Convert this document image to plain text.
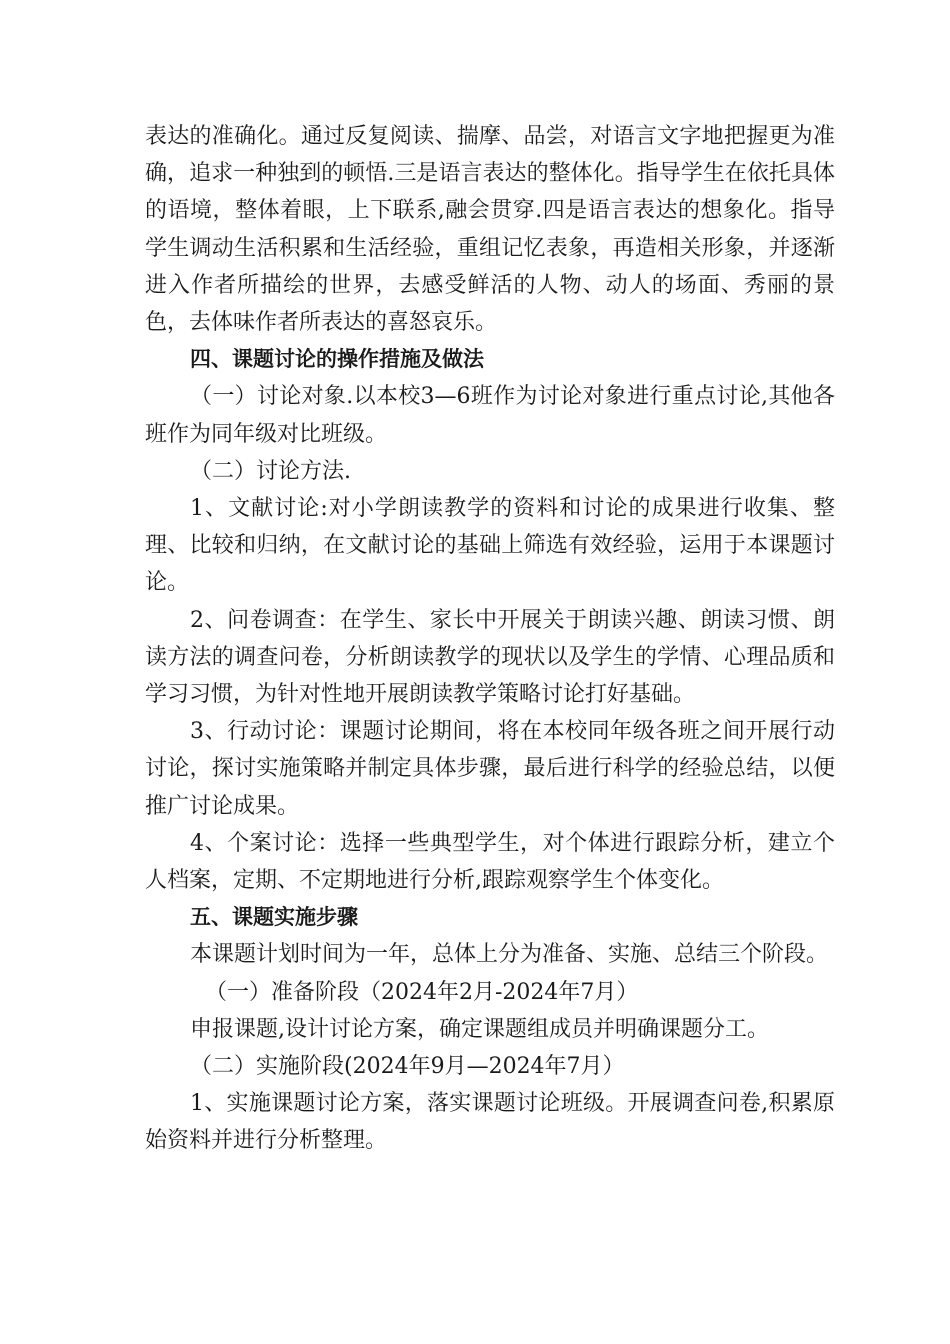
表达的准确化。通过反复阅读、揣摩、品尝，对语言文字地把握更为准确，追求一种独到的顿悟.三是语言表达的整体化。指导学生在依托具体的语境，整体着眼，上下联系,融会贯穿.四是语言表达的想象化。指导学生调动生活积累和生活经验，重组记忆表象，再造相关形象，并逐渐进入作者所描绘的世界，去感受鲜活的人物、动人的场面、秀丽的景色，去体味作者所表达的喜怒哀乐。

四、课题讨论的操作措施及做法

（一）讨论对象.以本校3—6班作为讨论对象进行重点讨论,其他各班作为同年级对比班级。

（二）讨论方法.

1、文献讨论:对小学朗读教学的资料和讨论的成果进行收集、整理、比较和归纳，在文献讨论的基础上筛选有效经验，运用于本课题讨论。

2、问卷调查：在学生、家长中开展关于朗读兴趣、朗读习惯、朗读方法的调查问卷，分析朗读教学的现状以及学生的学情、心理品质和学习习惯，为针对性地开展朗读教学策略讨论打好基础。

3、行动讨论：课题讨论期间，将在本校同年级各班之间开展行动讨论，探讨实施策略并制定具体步骤，最后进行科学的经验总结，以便推广讨论成果。

4、个案讨论：选择一些典型学生，对个体进行跟踪分析，建立个人档案，定期、不定期地进行分析,跟踪观察学生个体变化。

五、课题实施步骤

本课题计划时间为一年，总体上分为准备、实施、总结三个阶段。

（一）准备阶段（2024年2月-2024年7月）

申报课题,设计讨论方案，确定课题组成员并明确课题分工。

（二）实施阶段(2024年9月—2024年7月）

1、实施课题讨论方案，落实课题讨论班级。开展调查问卷,积累原始资料并进行分析整理。
